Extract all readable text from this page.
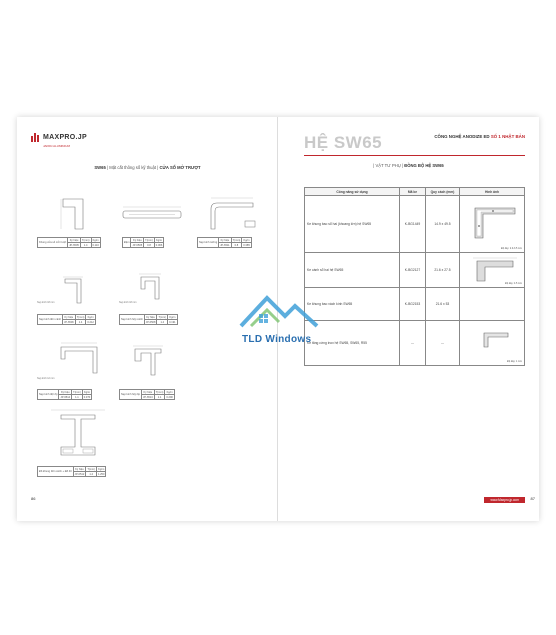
MAXPRO.JP
JAPAN ALUMINIUM
SW65 | Mặt cắt thông số kỹ thuật | CỬA SỔ MỞ TRƯỢT
Khung cửa sổ mở trượt	Ký hiệu	T(mm)	Kg/m
	JP-6505	1.4	0.110
Đệm	Ký hiệu	T(mm)	Kg/m
	JP-6505	0.8	0.066
Nẹp kính tường	Ký hiệu	T(mm)	Kg/m
	JP-6511	0.8	0.385
Nẹp kính 18 mm	Nẹp kính 18 mm
Nẹp kính đơn cánh	Ký hiệu	T(mm)	Kg/m
	JP-6506	1.4	0.212
Nẹp kính hộp cánh	Ký hiệu	T(mm)	Kg/m
	JP-6508	1.4	0.191
Nẹp kính 12 mm
Nẹp kính đợi ốp	Ký hiệu	T(mm)	Kg/m
	JP-6514	1.1	0.370
Nẹp kính hộp ốp	Ký hiệu	T(mm)	Kg/m
	JP-6513	1.1	0.290
Đố khung đơn cánh + Đố 40	Ký hiệu	T(mm)	Kg/m
	JP-6512	1.4	1.250
86
HỆ SW65	CÔNG NGHỆ ANODIZE ED SỐ 1 NHẬT BẢN
| VẬT TƯ PHỤ | ĐỒNG BỘ HỆ SW65
Công năng sử dụng	Mã ke	Quy cách (mm)	Hình ảnh
Ke khung bao sổ hai (khoang lớn) hệ SW65	K-BG1449	14.9 x 49.5	Độ dày: 2.0-3.5 mm

Ke cánh sổ hai hệ SW65	K-BG2127	21.6 x 27.5	Độ dày: 4.5 mm

Ke khung bao vách kính SW65	K-BG2153	21.6 x 53	

Ke tăng cứng inox hệ SW65, SW65, R55	---	---	Độ dày: 1 mm
www.Maxpro.jp.com	87
TLD Windows
